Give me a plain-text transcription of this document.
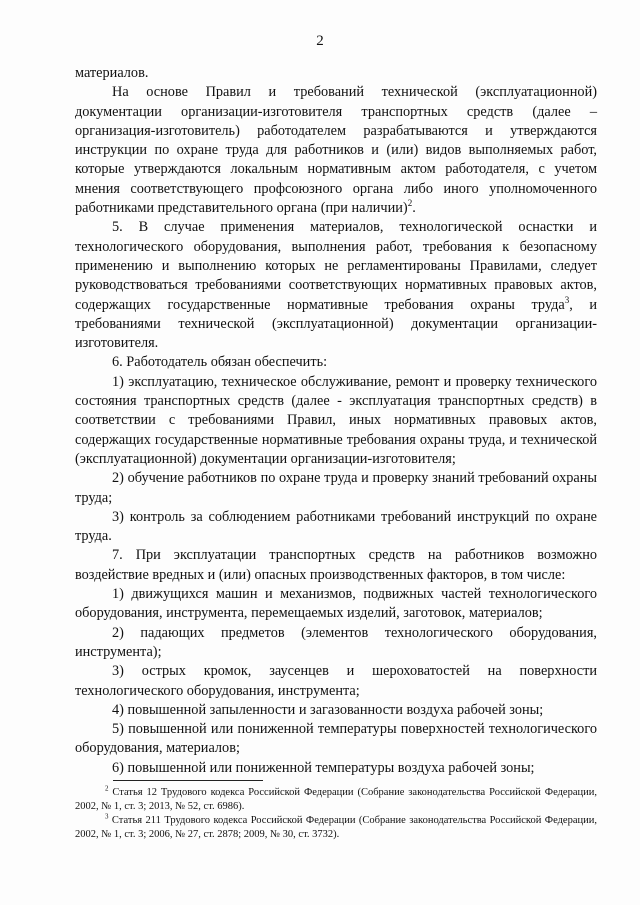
2

материалов.

На основе Правил и требований технической (эксплуатационной) документации организации-изготовителя транспортных средств (далее – организация-изготовитель) работодателем разрабатываются и утверждаются инструкции по охране труда для работников и (или) видов выполняемых работ, которые утверждаются локальным нормативным актом работодателя, с учетом мнения соответствующего профсоюзного органа либо иного уполномоченного работниками представительного органа (при наличии)$^2$.

5. В случае применения материалов, технологической оснастки и технологического оборудования, выполнения работ, требования к безопасному применению и выполнению которых не регламентированы Правилами, следует руководствоваться требованиями соответствующих нормативных правовых актов, содержащих государственные нормативные требования охраны труда$^3$, и требованиями технической (эксплуатационной) документации организации-изготовителя.

6. Работодатель обязан обеспечить:

1) эксплуатацию, техническое обслуживание, ремонт и проверку технического состояния транспортных средств (далее - эксплуатация транспортных средств) в соответствии с требованиями Правил, иных нормативных правовых актов, содержащих государственные нормативные требования охраны труда, и технической (эксплуатационной) документации организации-изготовителя;

2) обучение работников по охране труда и проверку знаний требований охраны труда;

3) контроль за соблюдением работниками требований инструкций по охране труда.

7. При эксплуатации транспортных средств на работников возможно воздействие вредных и (или) опасных производственных факторов, в том числе:

1) движущихся машин и механизмов, подвижных частей технологического оборудования, инструмента, перемещаемых изделий, заготовок, материалов;

2) падающих предметов (элементов технологического оборудования, инструмента);

3) острых кромок, заусенцев и шероховатостей на поверхности технологического оборудования, инструмента;

4) повышенной запыленности и загазованности воздуха рабочей зоны;

5) повышенной или пониженной температуры поверхностей технологического оборудования, материалов;

6) повышенной или пониженной температуры воздуха рабочей зоны;

$^2$ Статья 12 Трудового кодекса Российской Федерации (Собрание законодательства Российской Федерации, 2002, № 1, ст. 3; 2013, № 52, ст. 6986).

$^3$ Статья 211 Трудового кодекса Российской Федерации (Собрание законодательства Российской Федерации, 2002, № 1, ст. 3; 2006, № 27, ст. 2878; 2009, № 30, ст. 3732).
